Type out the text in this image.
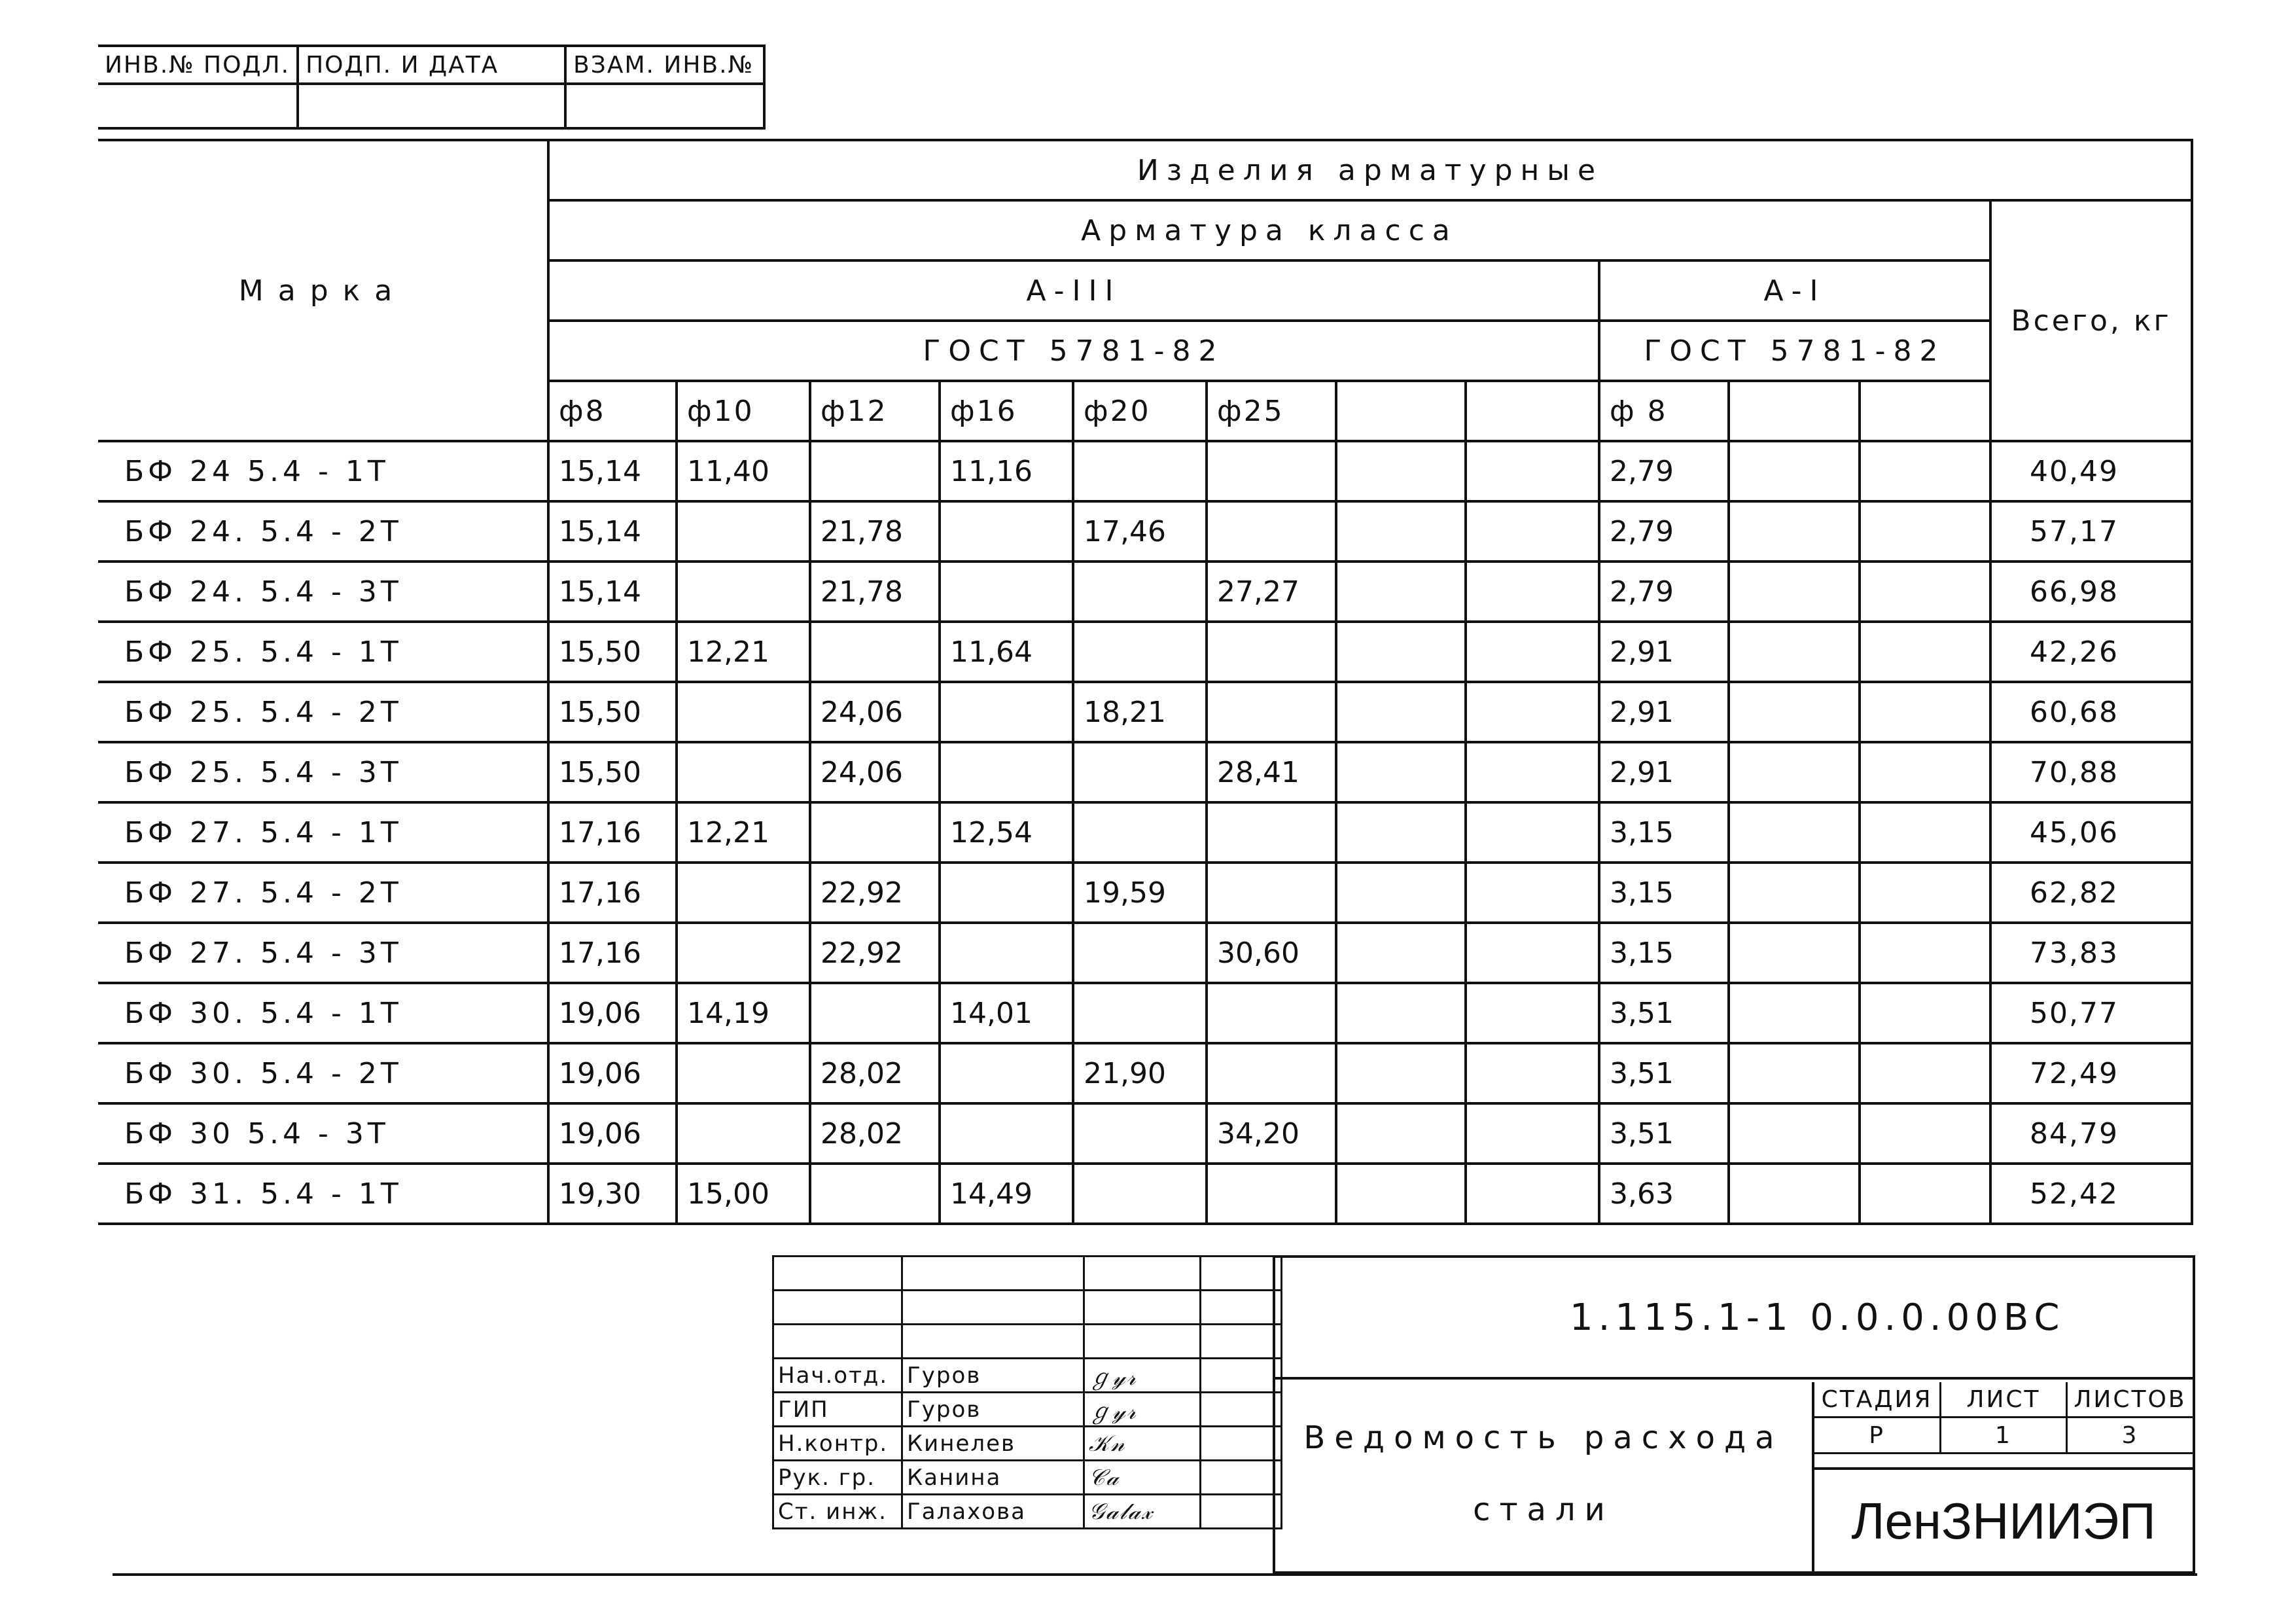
ИНВ.№ ПОДЛ.	ПОДП. И ДАТА	ВЗАМ. ИНВ.№

Марка	Изделия арматурные											
	Арматура класса											Всего, кг
	А-III								А-I			
	ГОСТ 5781-82								ГОСТ 5781-82			
	ф8	ф10	ф12	ф16	ф20	ф25			ф 8			
БФ 24 5.4 - 1Т	15,14	11,40		11,16					2,79			40,49
БФ 24. 5.4 - 2Т	15,14		21,78		17,46				2,79			57,17
БФ 24. 5.4 - 3Т	15,14		21,78			27,27			2,79			66,98
БФ 25. 5.4 - 1Т	15,50	12,21		11,64					2,91			42,26
БФ 25. 5.4 - 2Т	15,50		24,06		18,21				2,91			60,68
БФ 25. 5.4 - 3Т	15,50		24,06			28,41			2,91			70,88
БФ 27. 5.4 - 1Т	17,16	12,21		12,54					3,15			45,06
БФ 27. 5.4 - 2Т	17,16		22,92		19,59				3,15			62,82
БФ 27. 5.4 - 3Т	17,16		22,92			30,60			3,15			73,83
БФ 30. 5.4 - 1Т	19,06	14,19		14,01					3,51			50,77
БФ 30. 5.4 - 2Т	19,06		28,02		21,90				3,51			72,49
БФ 30 5.4 - 3Т	19,06		28,02			34,20			3,51			84,79
БФ 31. 5.4 - 1Т	19,30	15,00		14,49					3,63			52,42

Нач.отд.	Гуров	ℊ𝓎𝓇	
ГИП	Гуров	ℊ𝓎𝓇	
Н.контр.	Кинелев	𝒦𝓃	
Рук. гр.	Канина	𝒞𝒶	
Ст. инж.	Галахова	𝒢𝒶𝓁𝒶𝓍	
1.115.1-1 0.0.0.00ВС
Ведомость расхода
стали
СТАДИЯ	ЛИСТ	ЛИСТОВ
Р	1	3
ЛенЗНИИЭП
